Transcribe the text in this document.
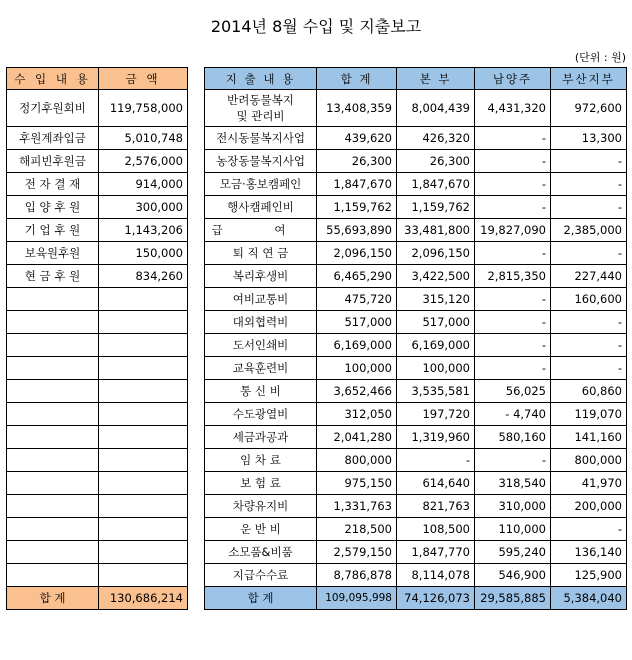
2014년 8월 수입 및 지출보고
(단위 : 원)
수 입 내 용	금 액
정기후원회비	119,758,000
후원계좌입금	5,010,748
해피빈후원금	2,576,000
전 자 결 재	914,000
입 양 후 원	300,000
기 업 후 원	1,143,206
보육원후원	150,000
현 금 후 원	834,260

합 계	130,686,214
지 출 내 용	합 계	본 부	남양주	부산지부
반려동물복지
및 관리비	13,408,359	8,004,439	4,431,320	972,600
전시동물복지사업	439,620	426,320	-	13,300
농장동물복지사업	26,300	26,300	-	-
모금·홍보캠페인	1,847,670	1,847,670	-	-
행사캠페인비	1,159,762	1,159,762	-	-
급 여	55,693,890	33,481,800	19,827,090	2,385,000
퇴 직 연 금	2,096,150	2,096,150	-	-
복리후생비	6,465,290	3,422,500	2,815,350	227,440
여비교통비	475,720	315,120	-	160,600
대외협력비	517,000	517,000	-	-
도서인쇄비	6,169,000	6,169,000	-	-
교육훈련비	100,000	100,000	-	-
통 신 비	3,652,466	3,535,581	56,025	60,860
수도광열비	312,050	197,720	- 4,740	119,070
세금과공과	2,041,280	1,319,960	580,160	141,160
임 차 료	800,000	-	-	800,000
보 험 료	975,150	614,640	318,540	41,970
차량유지비	1,331,763	821,763	310,000	200,000
운 반 비	218,500	108,500	110,000	-
소모품&비품	2,579,150	1,847,770	595,240	136,140
지급수수료	8,786,878	8,114,078	546,900	125,900
합 계	109,095,998	74,126,073	29,585,885	5,384,040
